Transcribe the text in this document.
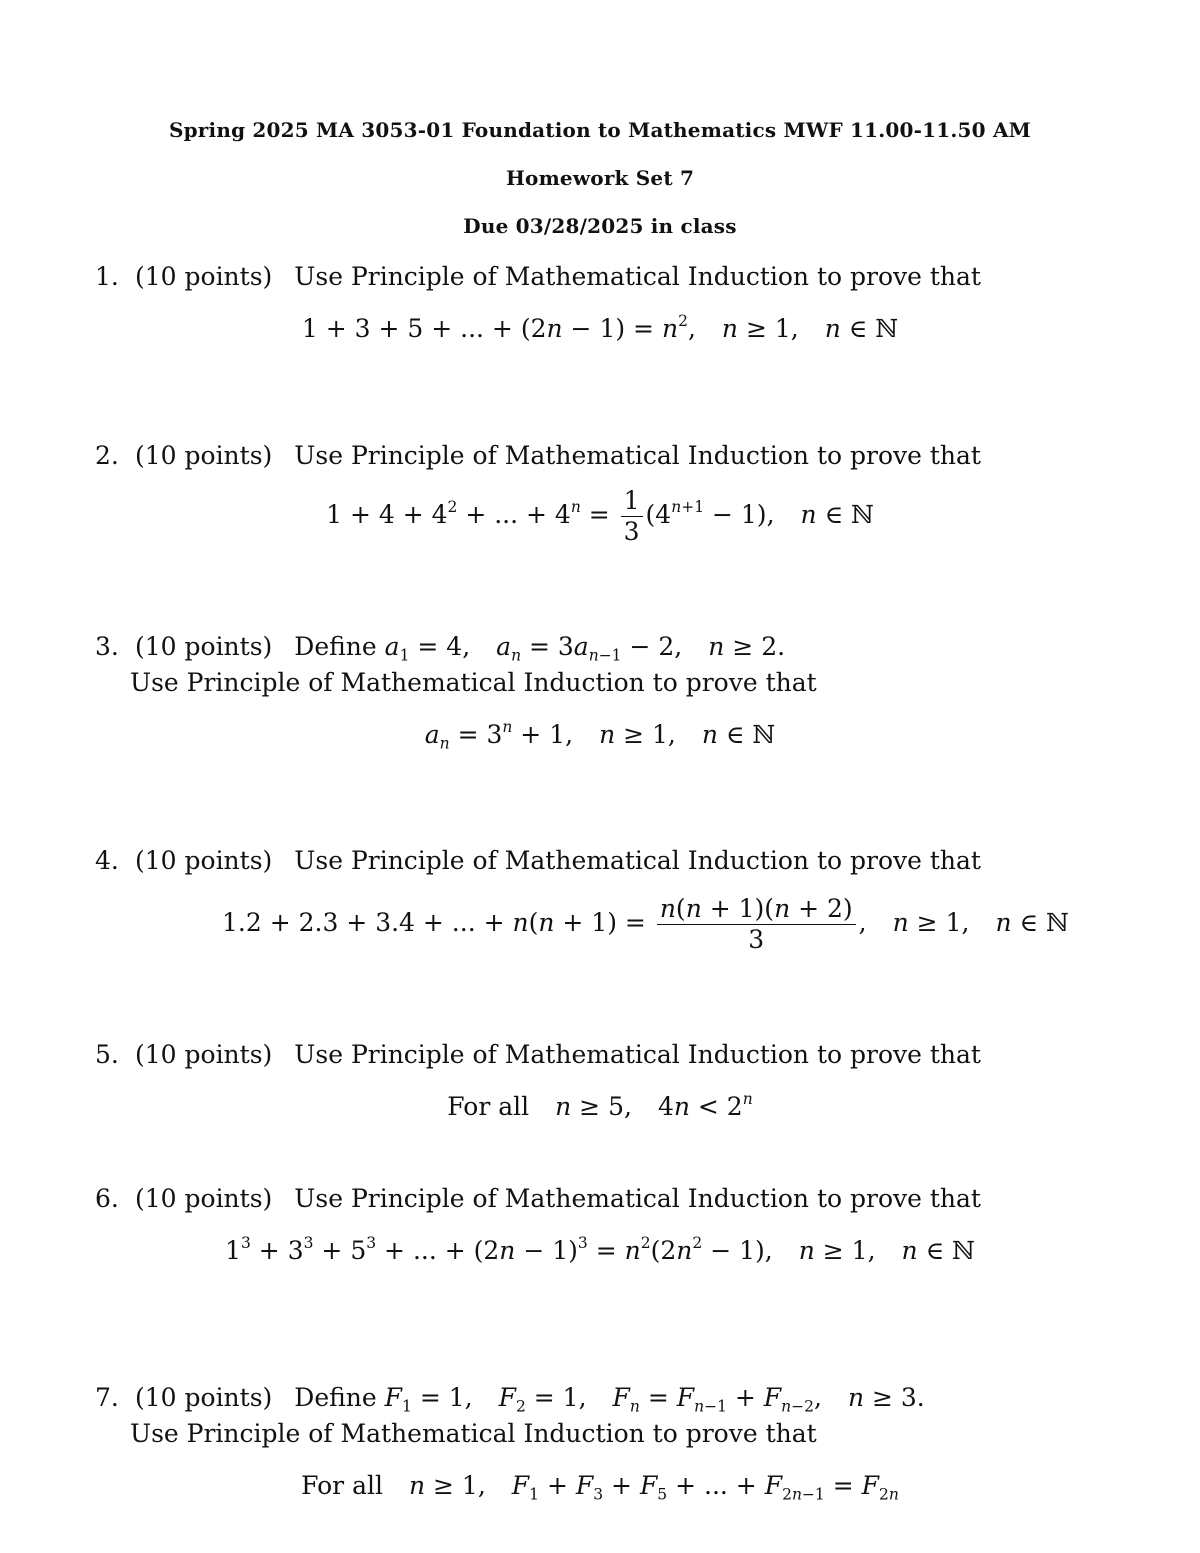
Spring 2025 MA 3053-01 Foundation to Mathematics MWF 11.00-11.50 AM
Homework Set 7
Due 03/28/2025 in class
1. (10 points) Use Principle of Mathematical Induction to prove that
1 + 3 + 5 + ... + $(2n - 1) = n^2$, n ≥ 1, n ∈ ℕ
2. (10 points) Use Principle of Mathematical Induction to prove that
$1 + 4 + 4^2$ + ... + $4^n = \frac{1}{3} (4^{n+1} - 1)$, n ∈ ℕ
3. (10 points) Define $a_1 = 4$, $a_n = 3a_{n-1} - 2$, n ≥ 2.
Use Principle of Mathematical Induction to prove that
$a_n = 3^n + 1$, n ≥ 1, n ∈ ℕ
4. (10 points) Use Principle of Mathematical Induction to prove that
1.2 + 2.3 + 3.4 + ... + $n(n + 1) = \frac{n(n + 1)(n + 2)}{3}$ , n ≥ 1, n ∈ ℕ
5. (10 points) Use Principle of Mathematical Induction to prove that
For all n ≥ 5, $4n < 2^n$
6. (10 points) Use Principle of Mathematical Induction to prove that
$1^3 + 3^3 + 5^3$ + ... + $(2n - 1)^3 = n^2(2n^2 - 1)$, n ≥ 1, n ∈ ℕ
7. (10 points) Define $F_1 = 1$, $F_2 = 1$, $F_n = F_{n-1} + F_{n-2}$, n ≥ 3.
Use Principle of Mathematical Induction to prove that
For all n ≥ 1, $F_1 + F_3 + F_5$ + ... + $F_{2n-1} = F_{2n}$
